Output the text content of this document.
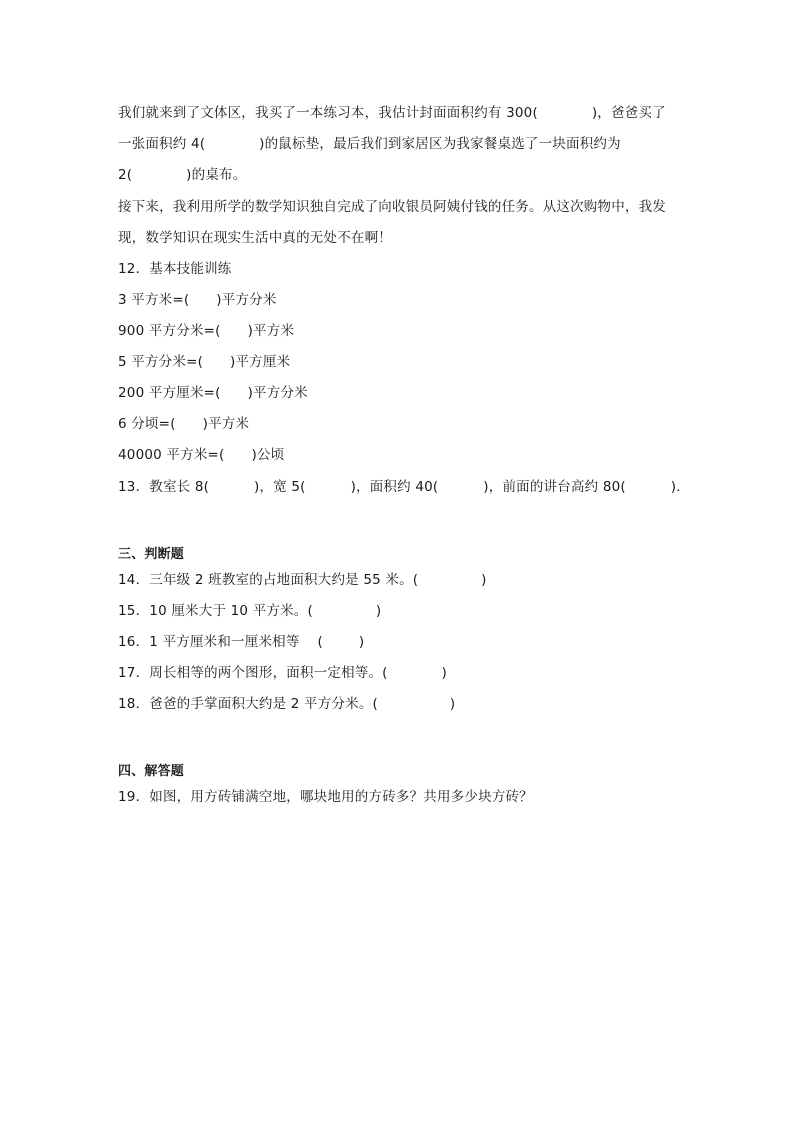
我们就来到了文体区，我买了一本练习本，我估计封面面积约有 300(            )，爸爸买了
一张面积约 4(            )的鼠标垫，最后我们到家居区为我家餐桌选了一块面积约为
2(            )的桌布。
接下来，我利用所学的数学知识独自完成了向收银员阿姨付钱的任务。从这次购物中，我发
现，数学知识在现实生活中真的无处不在啊！
12．基本技能训练
3 平方米=(      )平方分米
900 平方分米=(      )平方米
5 平方分米=(      )平方厘米
200 平方厘米=(      )平方分米
6 分顷=(      )平方米
40000 平方米=(      )公顷
13．教室长 8(          )，宽 5(          )，面积约 40(          )，前面的讲台高约 80(          )．
三、判断题
14．三年级 2 班教室的占地面积大约是 55 米。(              )
15．10 厘米大于 10 平方米。(              )
16．1 平方厘米和一厘米相等    (        )
17．周长相等的两个图形，面积一定相等。(            )
18．爸爸的手掌面积大约是 2 平方分米。(                )
四、解答题
19．如图，用方砖铺满空地，哪块地用的方砖多？共用多少块方砖？
